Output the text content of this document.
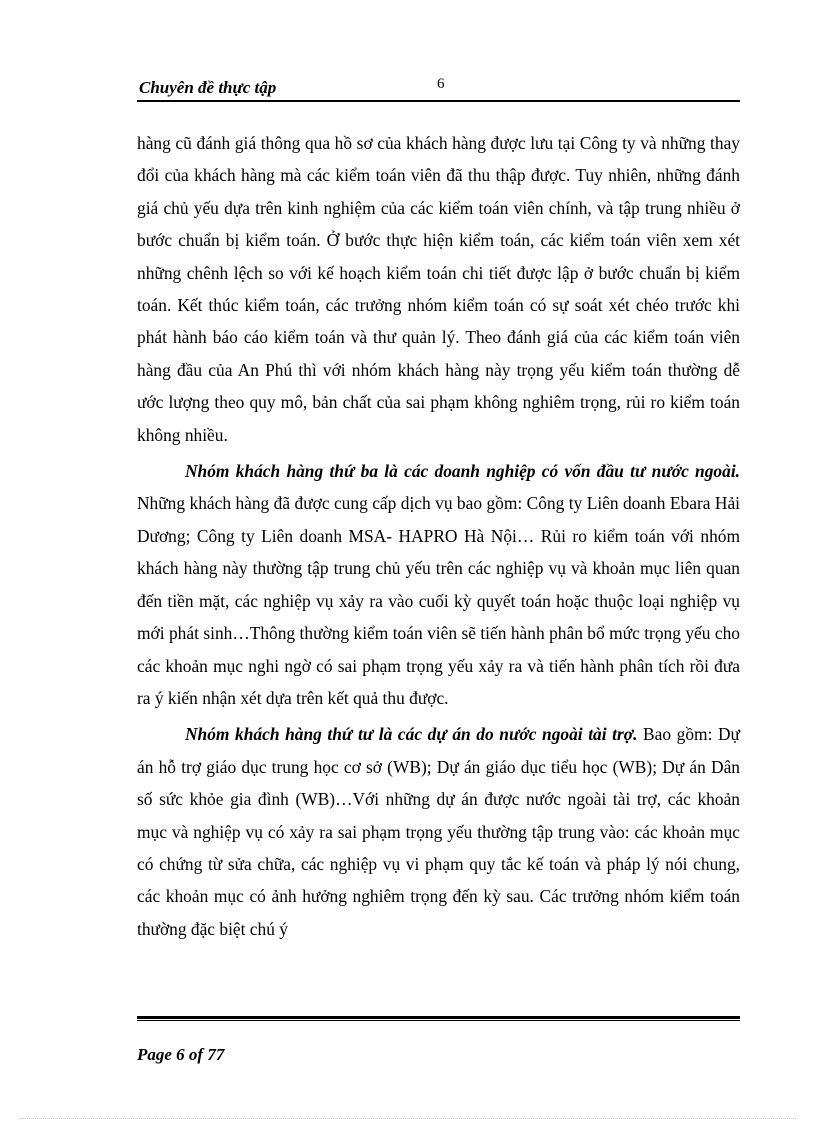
Chuyên đề thực tập	6

hàng cũ đánh giá thông qua hồ sơ của khách hàng được lưu tại Công ty và những thay đổi của khách hàng mà các kiểm toán viên đã thu thập được. Tuy nhiên, những đánh giá chủ yếu dựa trên kinh nghiệm của các kiểm toán viên chính, và tập trung nhiều ở bước chuẩn bị kiểm toán. Ở bước thực hiện kiểm toán, các kiểm toán viên xem xét những chênh lệch so với kế hoạch kiểm toán chi tiết được lập ở bước chuẩn bị kiểm toán. Kết thúc kiểm toán, các trưởng nhóm kiểm toán có sự soát xét chéo trước khi phát hành báo cáo kiểm toán và thư quản lý. Theo đánh giá của các kiểm toán viên hàng đầu của An Phú thì với nhóm khách hàng này trọng yếu kiểm toán thường dễ ước lượng theo quy mô, bản chất của sai phạm không nghiêm trọng, rủi ro kiểm toán không nhiều.

Nhóm khách hàng thứ ba là các doanh nghiệp có vốn đầu tư nước ngoài. Những khách hàng đã được cung cấp dịch vụ bao gồm: Công ty Liên doanh Ebara Hải Dương; Công ty Liên doanh MSA- HAPRO Hà Nội… Rủi ro kiểm toán với nhóm khách hàng này thường tập trung chủ yếu trên các nghiệp vụ và khoản mục liên quan đến tiền mặt, các nghiệp vụ xảy ra vào cuối kỳ quyết toán hoặc thuộc loại nghiệp vụ mới phát sinh…Thông thường kiểm toán viên sẽ tiến hành phân bổ mức trọng yếu cho các khoản mục nghi ngờ có sai phạm trọng yếu xảy ra và tiến hành phân tích rồi đưa ra ý kiến nhận xét dựa trên kết quả thu được.

Nhóm khách hàng thứ tư là các dự án do nước ngoài tài trợ. Bao gồm: Dự án hỗ trợ giáo dục trung học cơ sở (WB); Dự án giáo dục tiểu học (WB); Dự án Dân số sức khỏe gia đình (WB)…Với những dự án được nước ngoài tài trợ, các khoản mục và nghiệp vụ có xảy ra sai phạm trọng yếu thường tập trung vào: các khoản mục có chứng từ sửa chữa, các nghiệp vụ vi phạm quy tắc kế toán và pháp lý nói chung, các khoản mục có ảnh hưởng nghiêm trọng đến kỳ sau. Các trưởng nhóm kiểm toán thường đặc biệt chú ý

Page 6 of 77
